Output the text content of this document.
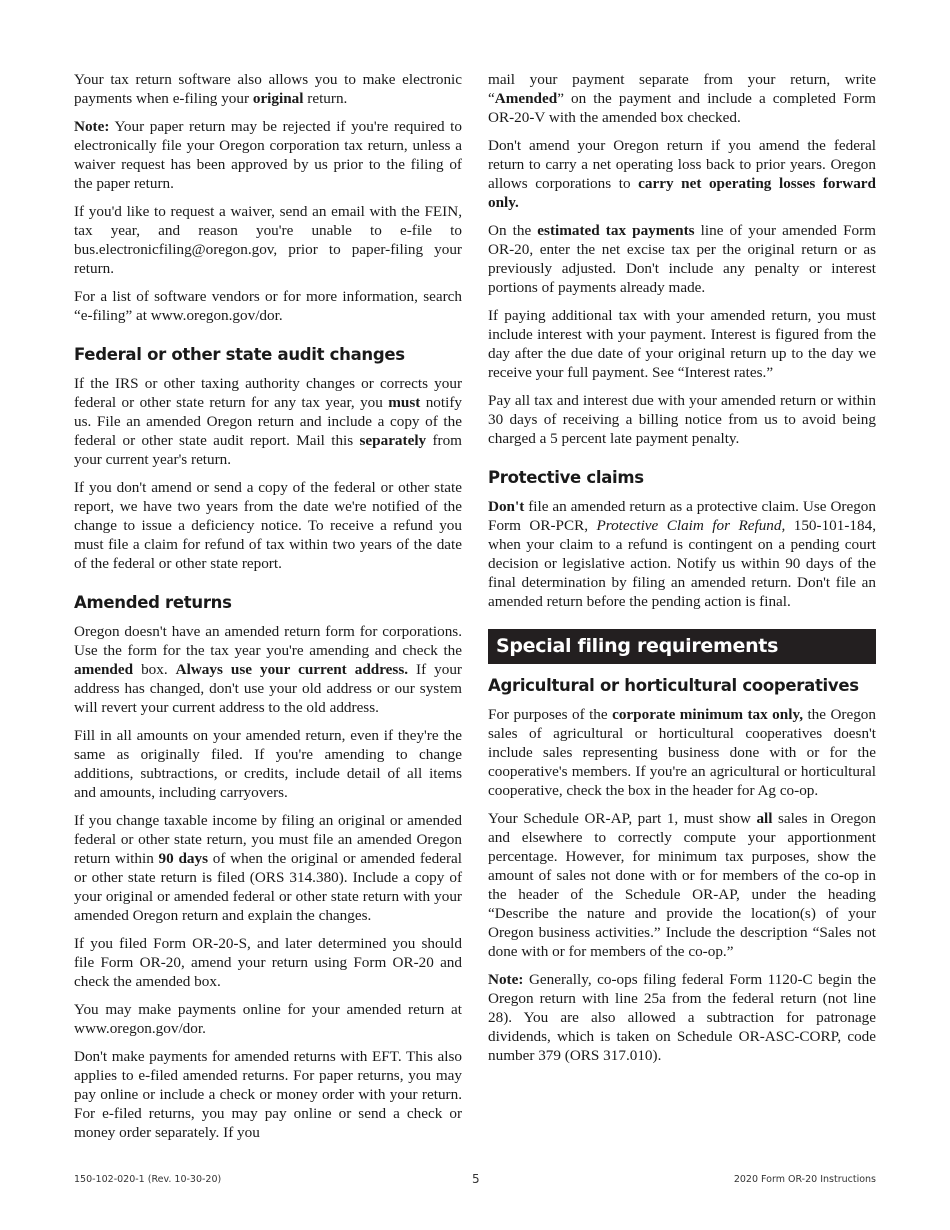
Your tax return software also allows you to make electronic payments when e-filing your original return.

Note: Your paper return may be rejected if you're required to electronically file your Oregon corporation tax return, unless a waiver request has been approved by us prior to the filing of the paper return.

If you'd like to request a waiver, send an email with the FEIN, tax year, and reason you're unable to e-file to bus.electronicfiling@oregon.gov, prior to paper-filing your return.

For a list of software vendors or for more information, search “e-filing” at www.oregon.gov/dor.

Federal or other state audit changes

If the IRS or other taxing authority changes or corrects your federal or other state return for any tax year, you must notify us. File an amended Oregon return and include a copy of the federal or other state audit report. Mail this separately from your current year's return.

If you don't amend or send a copy of the federal or other state report, we have two years from the date we're notified of the change to issue a deficiency notice. To receive a refund you must file a claim for refund of tax within two years of the date of the federal or other state report.

Amended returns

Oregon doesn't have an amended return form for corporations. Use the form for the tax year you're amending and check the amended box. Always use your current address. If your address has changed, don't use your old address or our system will revert your current address to the old address.

Fill in all amounts on your amended return, even if they're the same as originally filed. If you're amending to change additions, subtractions, or credits, include detail of all items and amounts, including carryovers.

If you change taxable income by filing an original or amended federal or other state return, you must file an amended Oregon return within 90 days of when the original or amended federal or other state return is filed (ORS 314.380). Include a copy of your original or amended federal or other state return with your amended Oregon return and explain the changes.

If you filed Form OR-20-S, and later determined you should file Form OR-20, amend your return using Form OR-20 and check the amended box.

You may make payments online for your amended return at www.oregon.gov/dor.

Don't make payments for amended returns with EFT. This also applies to e-filed amended returns. For paper returns, you may pay online or include a check or money order with your return. For e-filed returns, you may pay online or send a check or money order separately. If you

mail your payment separate from your return, write “Amended” on the payment and include a completed Form OR-20-V with the amended box checked.

Don't amend your Oregon return if you amend the federal return to carry a net operating loss back to prior years. Oregon allows corporations to carry net operating losses forward only.

On the estimated tax payments line of your amended Form OR-20, enter the net excise tax per the original return or as previously adjusted. Don't include any penalty or interest portions of payments already made.

If paying additional tax with your amended return, you must include interest with your payment. Interest is figured from the day after the due date of your original return up to the day we receive your full payment. See “Interest rates.”

Pay all tax and interest due with your amended return or within 30 days of receiving a billing notice from us to avoid being charged a 5 percent late payment penalty.

Protective claims

Don't file an amended return as a protective claim. Use Oregon Form OR-PCR, Protective Claim for Refund, 150-101-184, when your claim to a refund is contingent on a pending court decision or legislative action. Notify us within 90 days of the final determination by filing an amended return. Don't file an amended return before the pending action is final.

Special filing requirements
Agricultural or horticultural cooperatives

For purposes of the corporate minimum tax only, the Oregon sales of agricultural or horticultural cooperatives doesn't include sales representing business done with or for the cooperative's members. If you're an agricultural or horticultural cooperative, check the box in the header for Ag co-op.

Your Schedule OR-AP, part 1, must show all sales in Oregon and elsewhere to correctly compute your apportionment percentage. However, for minimum tax purposes, show the amount of sales not done with or for members of the co-op in the header of the Schedule OR-AP, under the heading “Describe the nature and provide the location(s) of your Oregon business activities.” Include the description “Sales not done with or for members of the co-op.”

Note: Generally, co-ops filing federal Form 1120-C begin the Oregon return with line 25a from the federal return (not line 28). You are also allowed a subtraction for patronage dividends, which is taken on Schedule OR-ASC-CORP, code number 379 (ORS 317.010).

150-102-020-1 (Rev. 10-30-20)	5	2020 Form OR-20 Instructions
